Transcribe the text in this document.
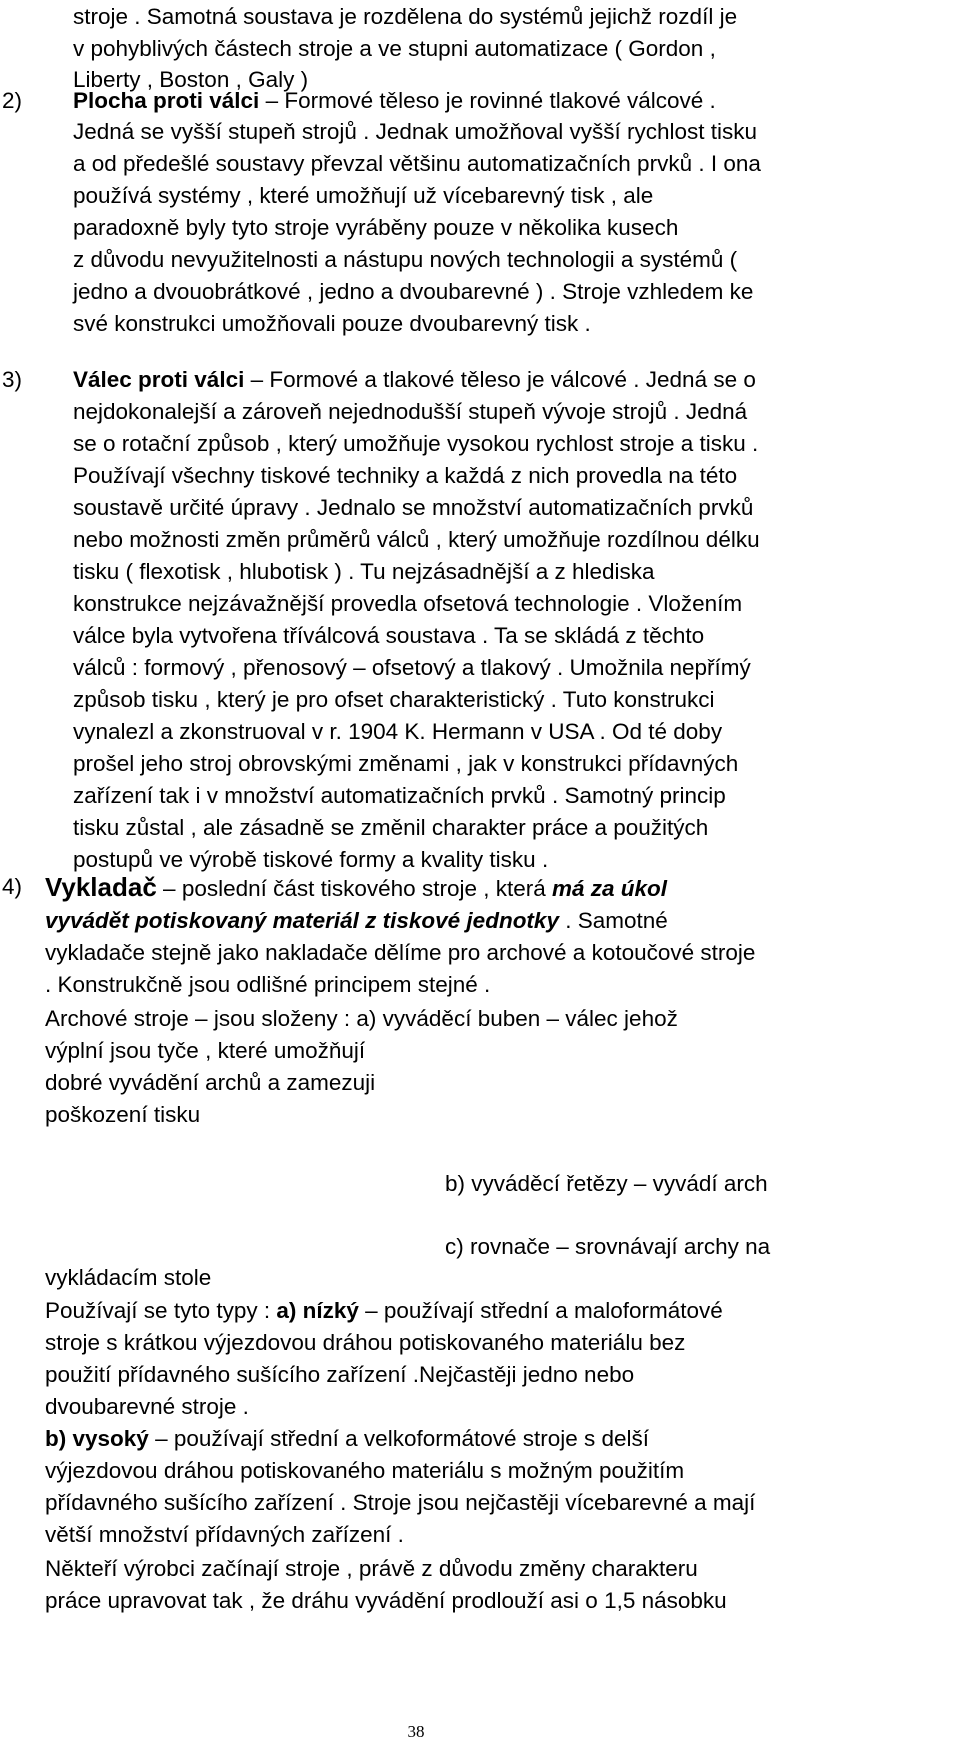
stroje . Samotná soustava je rozdělena do systémů jejichž rozdíl je
v pohyblivých částech stroje a ve stupni automatizace ( Gordon ,
Liberty , Boston , Galy )
Plocha proti válci – Formové těleso je rovinné tlakové válcové .
Jedná se vyšší stupeň strojů . Jednak umožňoval vyšší rychlost tisku
a od předešlé soustavy převzal většinu automatizačních prvků . I ona
používá systémy , které umožňují už vícebarevný tisk , ale
paradoxně byly tyto stroje vyráběny pouze v několika kusech
z důvodu nevyužitelnosti a nástupu nových technologii a systémů (
jedno a dvouobrátkové , jedno a dvoubarevné ) . Stroje vzhledem ke
své konstrukci umožňovali pouze dvoubarevný tisk .
Válec proti válci – Formové a tlakové těleso je válcové . Jedná se o
nejdokonalejší a zároveň nejednodušší stupeň vývoje strojů . Jedná
se o rotační způsob , který umožňuje vysokou rychlost stroje a tisku .
Používají všechny tiskové techniky a každá z nich provedla na této
soustavě určité úpravy . Jednalo se množství automatizačních prvků
nebo možnosti změn průměrů válců , který umožňuje rozdílnou délku
tisku ( flexotisk , hlubotisk ) . Tu nejzásadnější a z hlediska
konstrukce nejzávažnější provedla ofsetová technologie . Vložením
válce byla vytvořena tříválcová soustava . Ta se skládá z těchto
válců : formový , přenosový – ofsetový a tlakový . Umožnila nepřímý
způsob tisku , který je pro ofset charakteristický . Tuto konstrukci
vynalezl a zkonstruoval v r. 1904 K. Hermann v USA . Od té doby
prošel jeho stroj obrovskými změnami , jak v konstrukci přídavných
zařízení tak i v množství automatizačních prvků . Samotný princip
tisku zůstal , ale zásadně se změnil charakter práce a použitých
postupů ve výrobě tiskové formy a kvality tisku .
Vykladač – poslední část tiskového stroje , která má za úkol
vyvádět potiskovaný materiál z tiskové jednotky . Samotné
vykladače stejně jako nakladače dělíme pro archové a kotoučové stroje
. Konstrukčně jsou odlišné principem stejné .
Archové stroje – jsou složeny : a) vyváděcí buben – válec jehož
výplní jsou tyče , které umožňují
dobré vyvádění archů a zamezuji
poškození tisku
b) vyváděcí řetězy – vyvádí arch
c) rovnače – srovnávají archy na
vykládacím stole
Používají se tyto typy : a) nízký – používají střední a maloformátové
stroje s krátkou výjezdovou dráhou potiskovaného materiálu bez
použití přídavného sušícího zařízení .Nejčastěji jedno nebo
dvoubarevné stroje .
b) vysoký – používají střední a velkoformátové stroje s delší
výjezdovou dráhou potiskovaného materiálu s možným použitím
přídavného sušícího zařízení . Stroje jsou nejčastěji vícebarevné a mají
větší množství přídavných zařízení .
Někteří výrobci začínají stroje , právě z důvodu změny charakteru
práce upravovat tak , že dráhu vyvádění prodlouží asi o 1,5 násobku
2)
3)
4)
38
